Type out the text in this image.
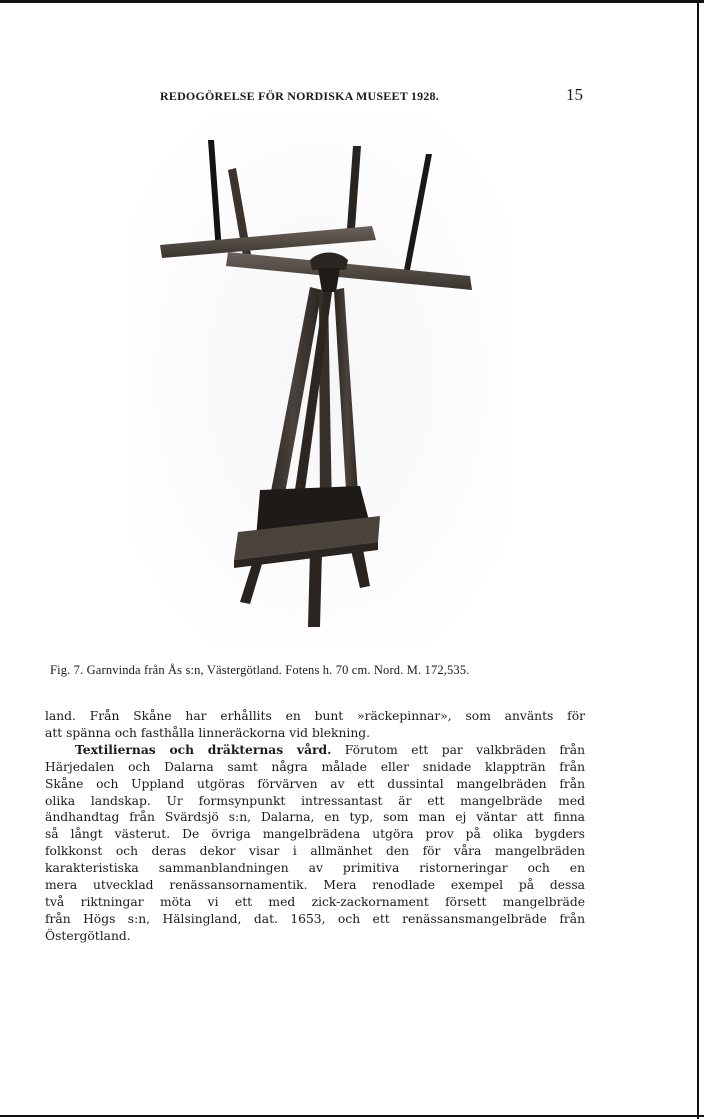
REDOGÖRELSE FÖR NORDISKA MUSEET 1928.	15
Fig. 7. Garnvinda från Ås s:n, Västergötland. Fotens h. 70 cm. Nord. M. 172,535.
land. Från Skåne har erhållits en bunt »räckepinnar», som använts för
att spänna och fasthålla linneräckorna vid blekning.
Textiliernas och dräkternas vård. Förutom ett par valkbräden från
Härjedalen och Dalarna samt några målade eller snidade klappträn från
Skåne och Uppland utgöras förvärven av ett dussintal mangelbräden från
olika landskap. Ur formsynpunkt intressantast är ett mangelbräde med
ändhandtag från Svärdsjö s:n, Dalarna, en typ, som man ej väntar att finna
så långt västerut. De övriga mangelbrädena utgöra prov på olika bygders
folkkonst och deras dekor visar i allmänhet den för våra mangelbräden
karakteristiska sammanblandningen av primitiva ristorneringar och en
mera utvecklad renässansornamentik. Mera renodlade exempel på dessa
två riktningar möta vi ett med zick-zackornament försett mangelbräde
från Högs s:n, Hälsingland, dat. 1653, och ett renässansmangelbräde från
Östergötland.
